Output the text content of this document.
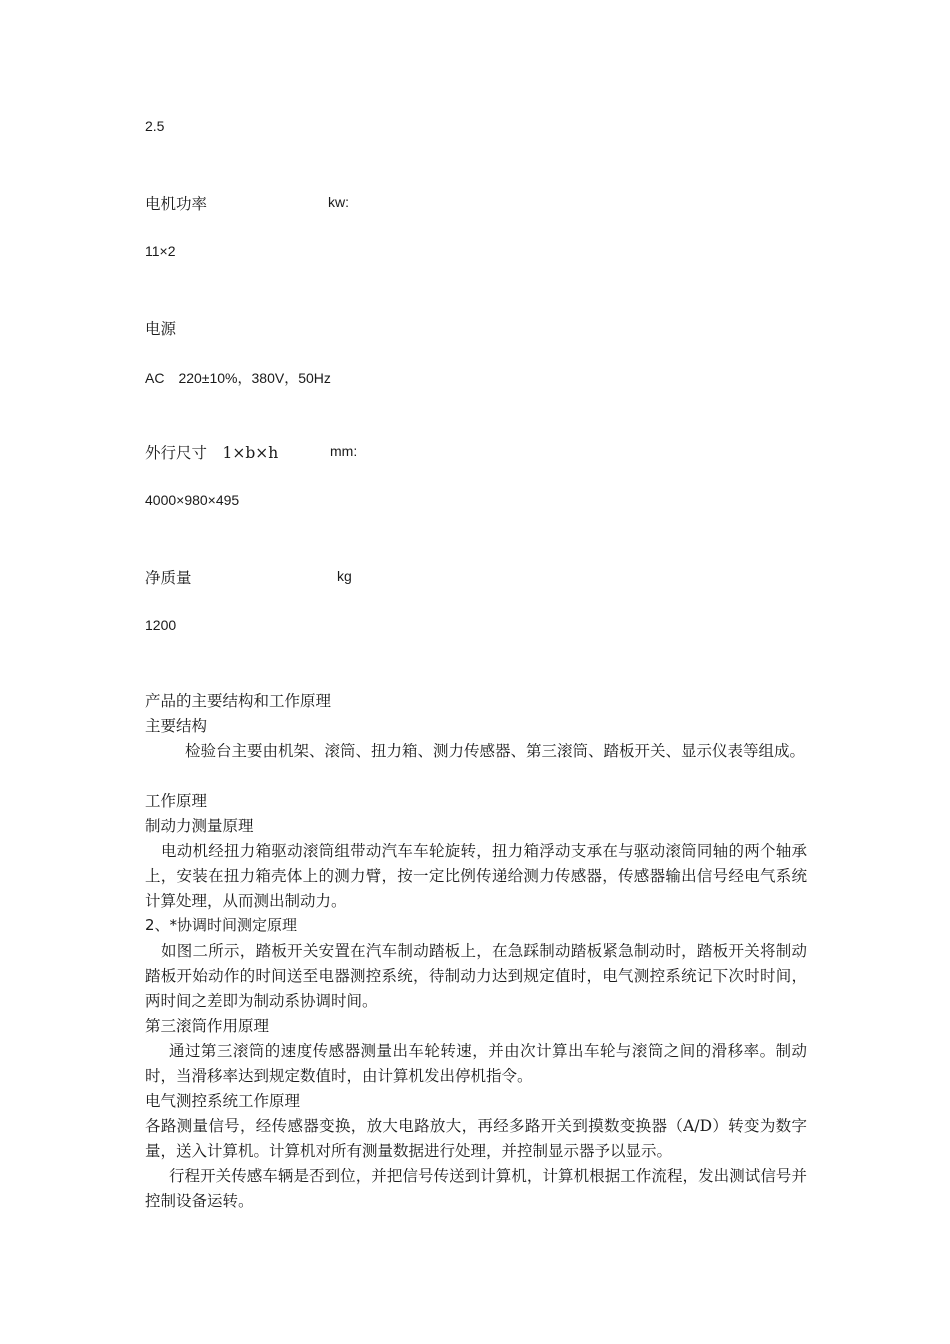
2.5
电机功率	kw:
11×2
电源
AC　220±10%，380V，50Hz
外行尺寸　1×b×h	mm:
4000×980×495
净质量	kg
1200
产品的主要结构和工作原理
主要结构
检验台主要由机架、滚筒、扭力箱、测力传感器、第三滚筒、踏板开关、显示仪表等组成。
工作原理
制动力测量原理
电动机经扭力箱驱动滚筒组带动汽车车轮旋转，扭力箱浮动支承在与驱动滚筒同轴的两个轴承上，安装在扭力箱壳体上的测力臂，按一定比例传递给测力传感器，传感器输出信号经电气系统计算处理，从而测出制动力。
2、*协调时间测定原理
如图二所示，踏板开关安置在汽车制动踏板上，在急踩制动踏板紧急制动时，踏板开关将制动踏板开始动作的时间送至电器测控系统，待制动力达到规定值时，电气测控系统记下次时时间，两时间之差即为制动系协调时间。
第三滚筒作用原理
通过第三滚筒的速度传感器测量出车轮转速，并由次计算出车轮与滚筒之间的滑移率。制动时，当滑移率达到规定数值时，由计算机发出停机指令。
电气测控系统工作原理
各路测量信号，经传感器变换，放大电路放大，再经多路开关到摸数变换器（A/D）转变为数字量，送入计算机。计算机对所有测量数据进行处理，并控制显示器予以显示。
行程开关传感车辆是否到位，并把信号传送到计算机，计算机根据工作流程，发出测试信号并控制设备运转。
